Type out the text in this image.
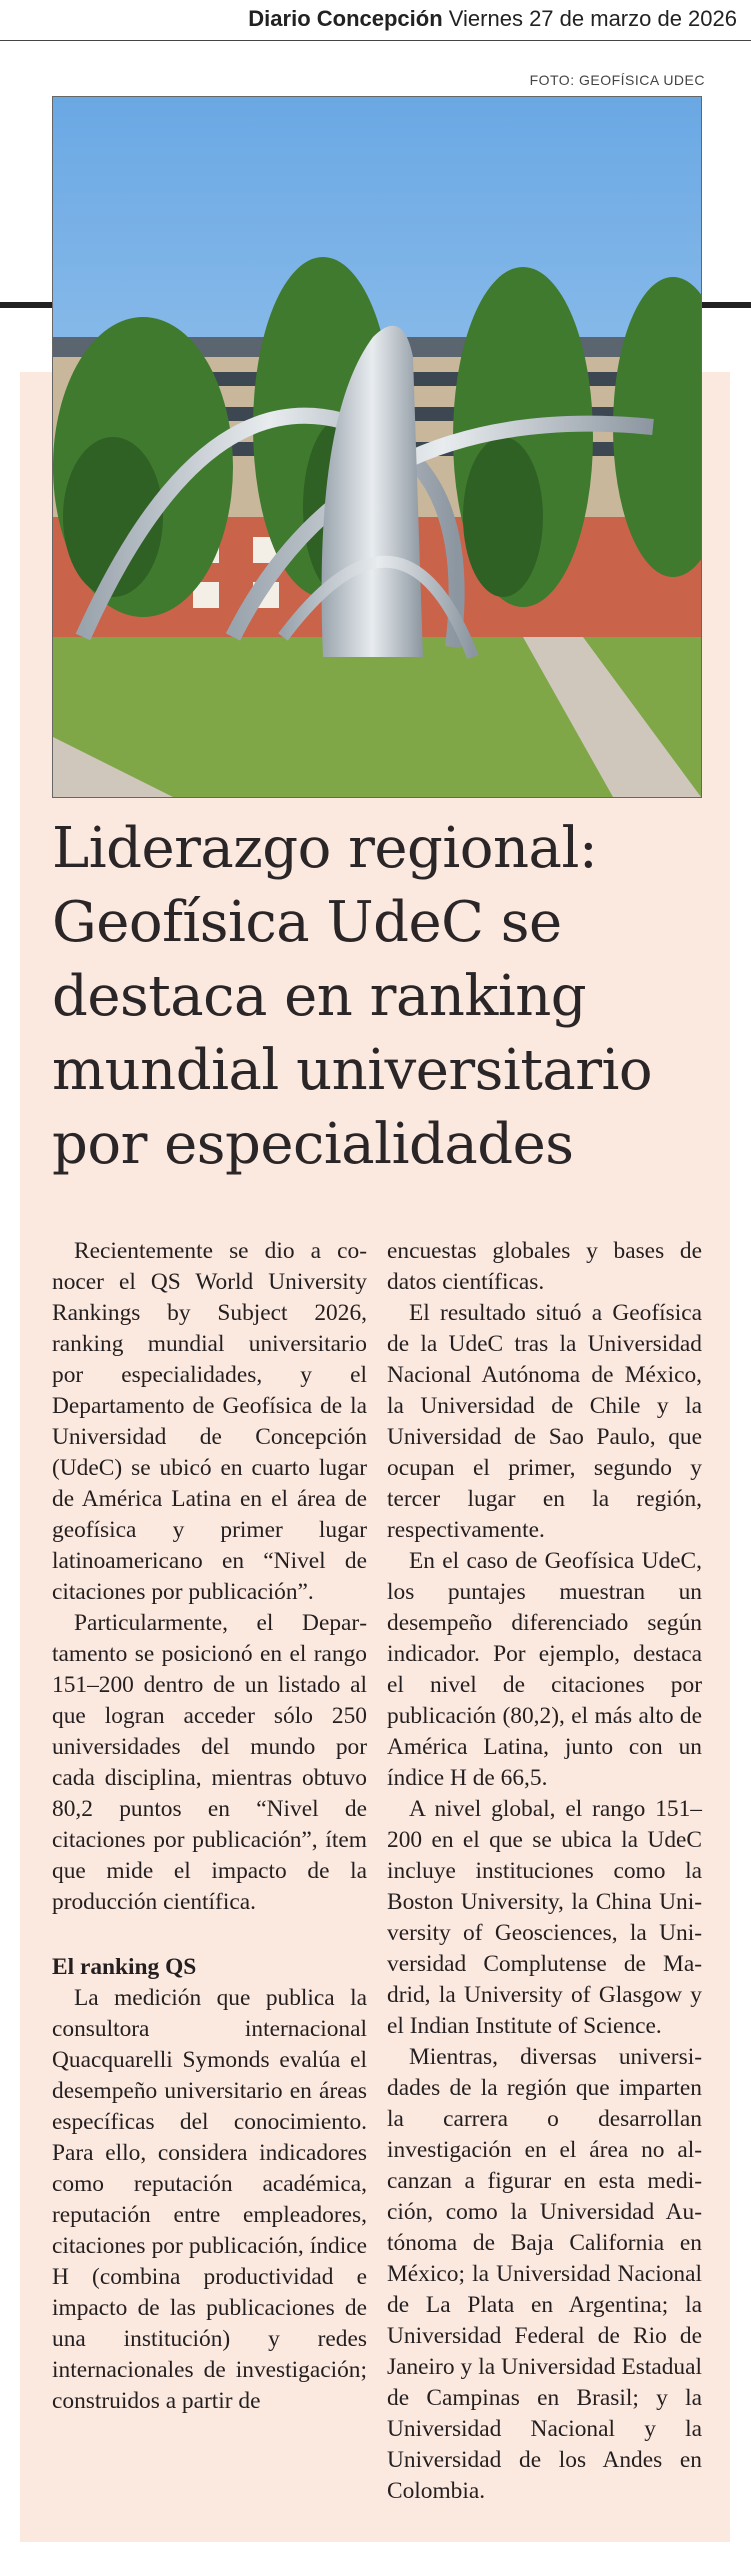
Diario Concepción Viernes 27 de marzo de 2026
FOTO: GEOFÍSICA UDEC
Liderazgo regional: Geofísica UdeC se destaca en ranking mundial universitario por especialidades

Recientemente se dio a conocer el QS World University Rankings by Subject 2026, ranking mundial universitario por especialidades, y el Departamento de Geofísica de la Universidad de Concepción (UdeC) se ubicó en cuarto lugar de América Latina en el área de geofísica y primer lugar latinoamericano en “Nivel de citaciones por publicación”.

Particularmente, el Departamento se posicionó en el rango 151–200 dentro de un listado al que logran acceder sólo 250 universidades del mundo por cada disciplina, mientras obtuvo 80,2 puntos en “Nivel de citaciones por publicación”, ítem que mide el impacto de la producción científica.

El ranking QS

La medición que publica la consultora internacional Quacquarelli Symonds evalúa el desempeño universitario en áreas específicas del conocimiento. Para ello, considera indicadores como reputación académica, reputación entre empleadores, citaciones por publicación, índice H (combina productividad e impacto de las publicaciones de una institución) y redes internacionales de investigación; construidos a partir de

encuestas globales y bases de datos científicas.

El resultado situó a Geofísica de la UdeC tras la Universidad Nacional Autónoma de México, la Universidad de Chile y la Universidad de Sao Paulo, que ocupan el primer, segundo y tercer lugar en la región, respectivamente.

En el caso de Geofísica UdeC, los puntajes muestran un desempeño diferenciado según indicador. Por ejemplo, destaca el nivel de citaciones por publicación (80,2), el más alto de América Latina, junto con un índice H de 66,5.

A nivel global, el rango 151–200 en el que se ubica la UdeC incluye instituciones como la Boston University, la China University of Geosciences, la Universidad Complutense de Madrid, la University of Glasgow y el Indian Institute of Science.

Mientras, diversas universidades de la región que imparten la carrera o desarrollan investigación en el área no alcanzan a figurar en esta medición, como la Universidad Autónoma de Baja California en México; la Universidad Nacional de La Plata en Argentina; la Universidad Federal de Rio de Janeiro y la Universidad Estadual de Campinas en Brasil; y la Universidad Nacional y la Universidad de los Andes en Colombia.
